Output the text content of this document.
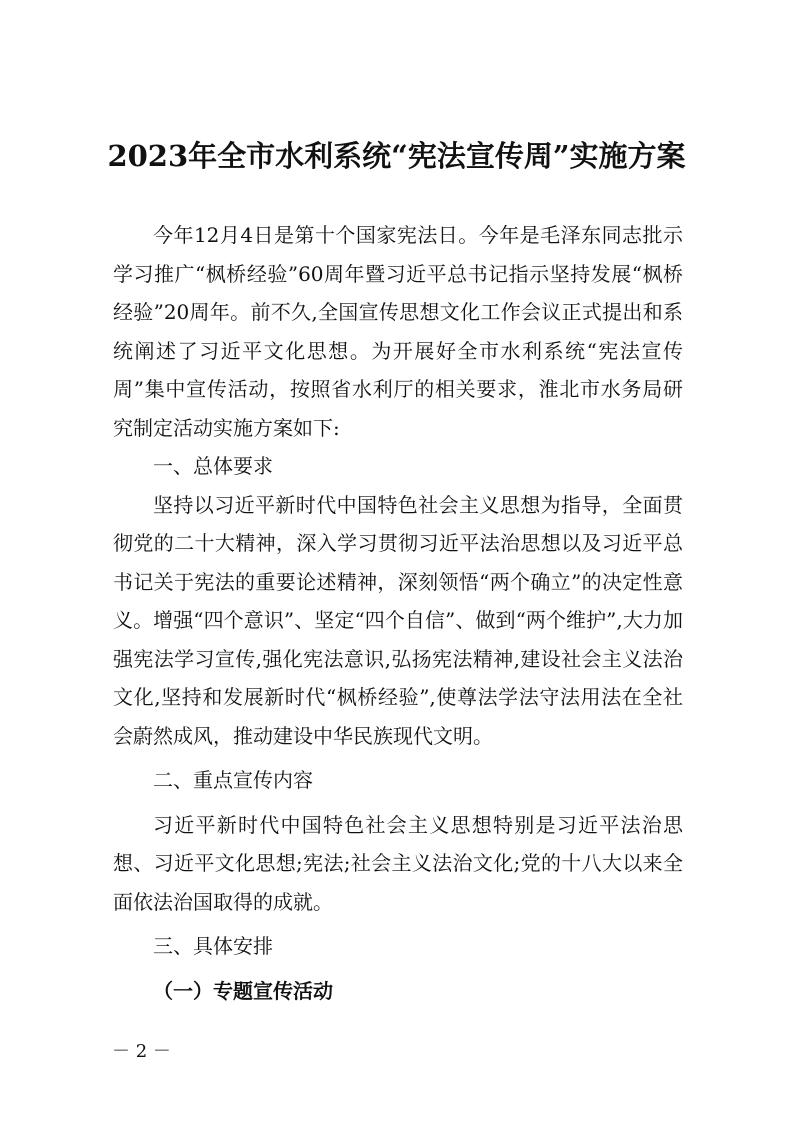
2023年全市水利系统“宪法宣传周”实施方案

今年12月4日是第十个国家宪法日。今年是毛泽东同志批示学习推广“枫桥经验”60周年暨习近平总书记指示坚持发展“枫桥经验”20周年。前不久,全国宣传思想文化工作会议正式提出和系统阐述了习近平文化思想。为开展好全市水利系统“宪法宣传周”集中宣传活动，按照省水利厅的相关要求，淮北市水务局研究制定活动实施方案如下:

一、总体要求

坚持以习近平新时代中国特色社会主义思想为指导，全面贯彻党的二十大精神，深入学习贯彻习近平法治思想以及习近平总书记关于宪法的重要论述精神，深刻领悟“两个确立”的决定性意义。增强“四个意识”、坚定“四个自信”、做到“两个维护”,大力加强宪法学习宣传,强化宪法意识,弘扬宪法精神,建设社会主义法治文化,坚持和发展新时代“枫桥经验”,使尊法学法守法用法在全社会蔚然成风，推动建设中华民族现代文明。

二、重点宣传内容

习近平新时代中国特色社会主义思想特别是习近平法治思想、习近平文化思想;宪法;社会主义法治文化;党的十八大以来全面依法治国取得的成就。

三、具体安排

（一）专题宣传活动

－ 2 －
